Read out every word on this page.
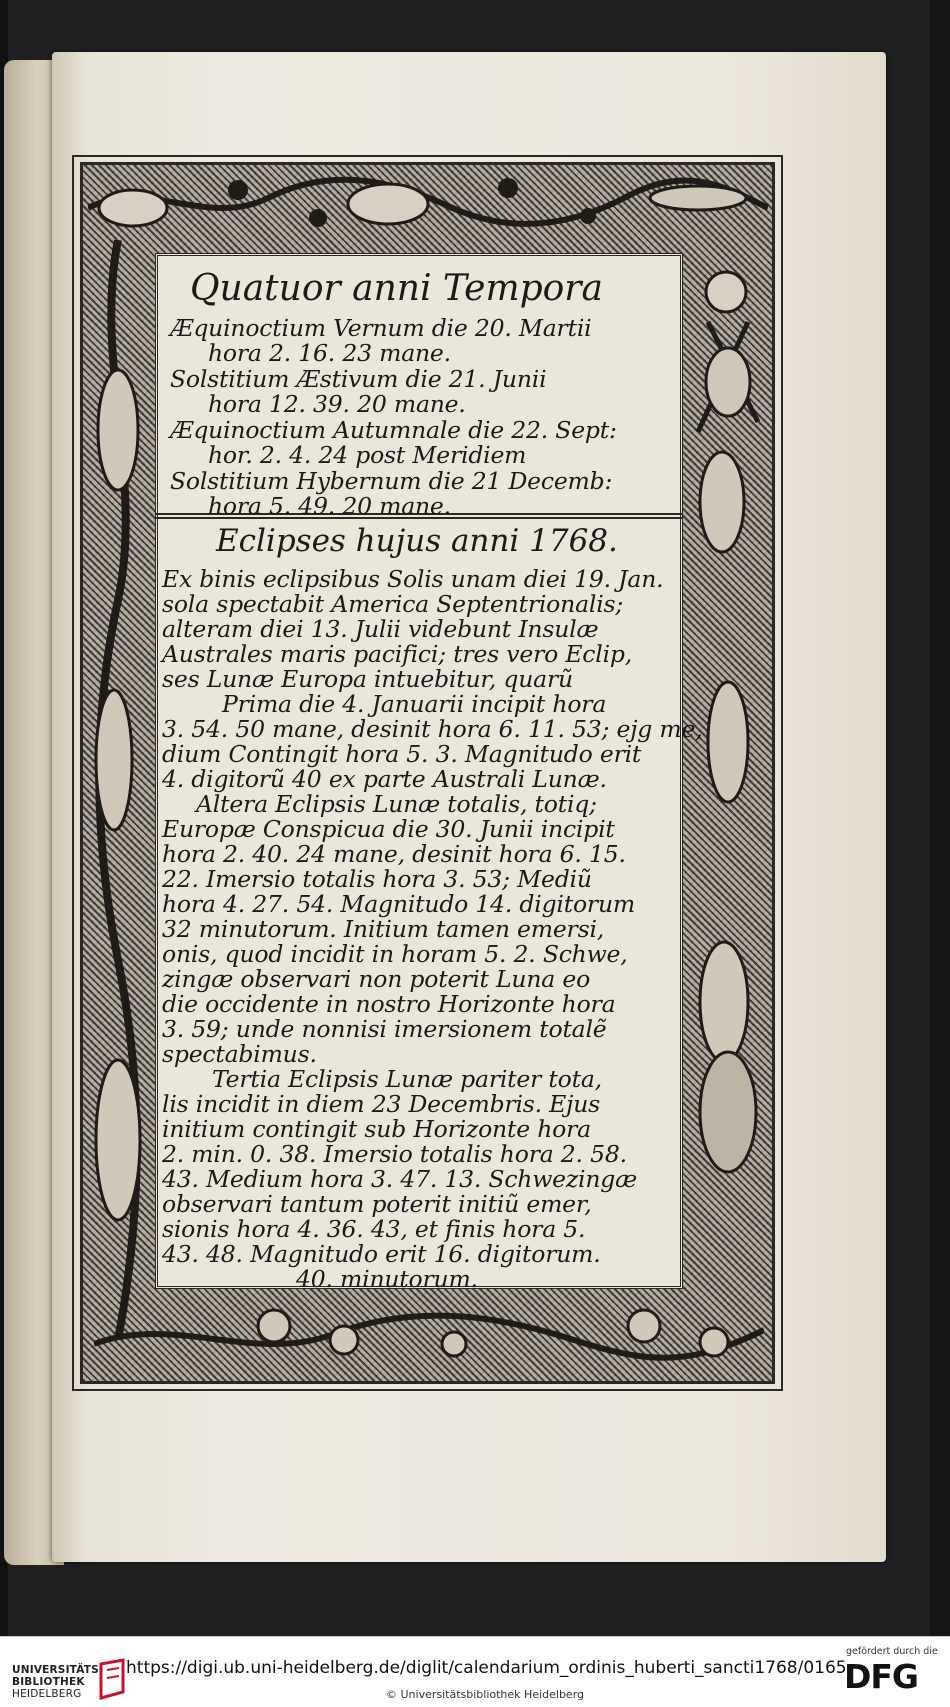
Quatuor anni Tempora
Æquinoctium Vernum die 20. Martii
hora 2. 16. 23 mane.
Solstitium Æstivum die 21. Junii
hora 12. 39. 20 mane.
Æquinoctium Autumnale die 22. Sept:
hor. 2. 4. 24 post Meridiem
Solstitium Hybernum die 21 Decemb:
hora 5. 49. 20 mane.
Eclipses hujus anni 1768.
Ex binis eclipsibus Solis unam diei 19. Jan.
sola spectabit America Septentrionalis;
alteram diei 13. Julii videbunt Insulæ
Australes maris pacifici; tres vero Eclip,
ses Lunæ Europa intuebitur, quarũ
Prima die 4. Januarii incipit hora
3. 54. 50 mane, desinit hora 6. 11. 53; ejg me,
dium Contingit hora 5. 3. Magnitudo erit
4. digitorũ 40 ex parte Australi Lunæ.
Altera Eclipsis Lunæ totalis, totiq;
Europæ Conspicua die 30. Junii incipit
hora 2. 40. 24 mane, desinit hora 6. 15.
22. Imersio totalis hora 3. 53; Mediũ
hora 4. 27. 54. Magnitudo 14. digitorum
32 minutorum. Initium tamen emersi,
onis, quod incidit in horam 5. 2. Schwe,
zingæ observari non poterit Luna eo
die occidente in nostro Horizonte hora
3. 59; unde nonnisi imersionem totalẽ
spectabimus.
Tertia Eclipsis Lunæ pariter tota,
lis incidit in diem 23 Decembris. Ejus
initium contingit sub Horizonte hora
2. min. 0. 38. Imersio totalis hora 2. 58.
43. Medium hora 3. 47. 13. Schwezingæ
observari tantum poterit initiũ emer,
sionis hora 4. 36. 43, et finis hora 5.
43. 48. Magnitudo erit 16. digitorum.
40. minutorum.
UNIVERSITÄTS-
BIBLIOTHEK
HEIDELBERG
https://digi.ub.uni-heidelberg.de/diglit/calendarium_ordinis_huberti_sancti1768/0165
© Universitätsbibliothek Heidelberg
gefördert durch die
DFG
